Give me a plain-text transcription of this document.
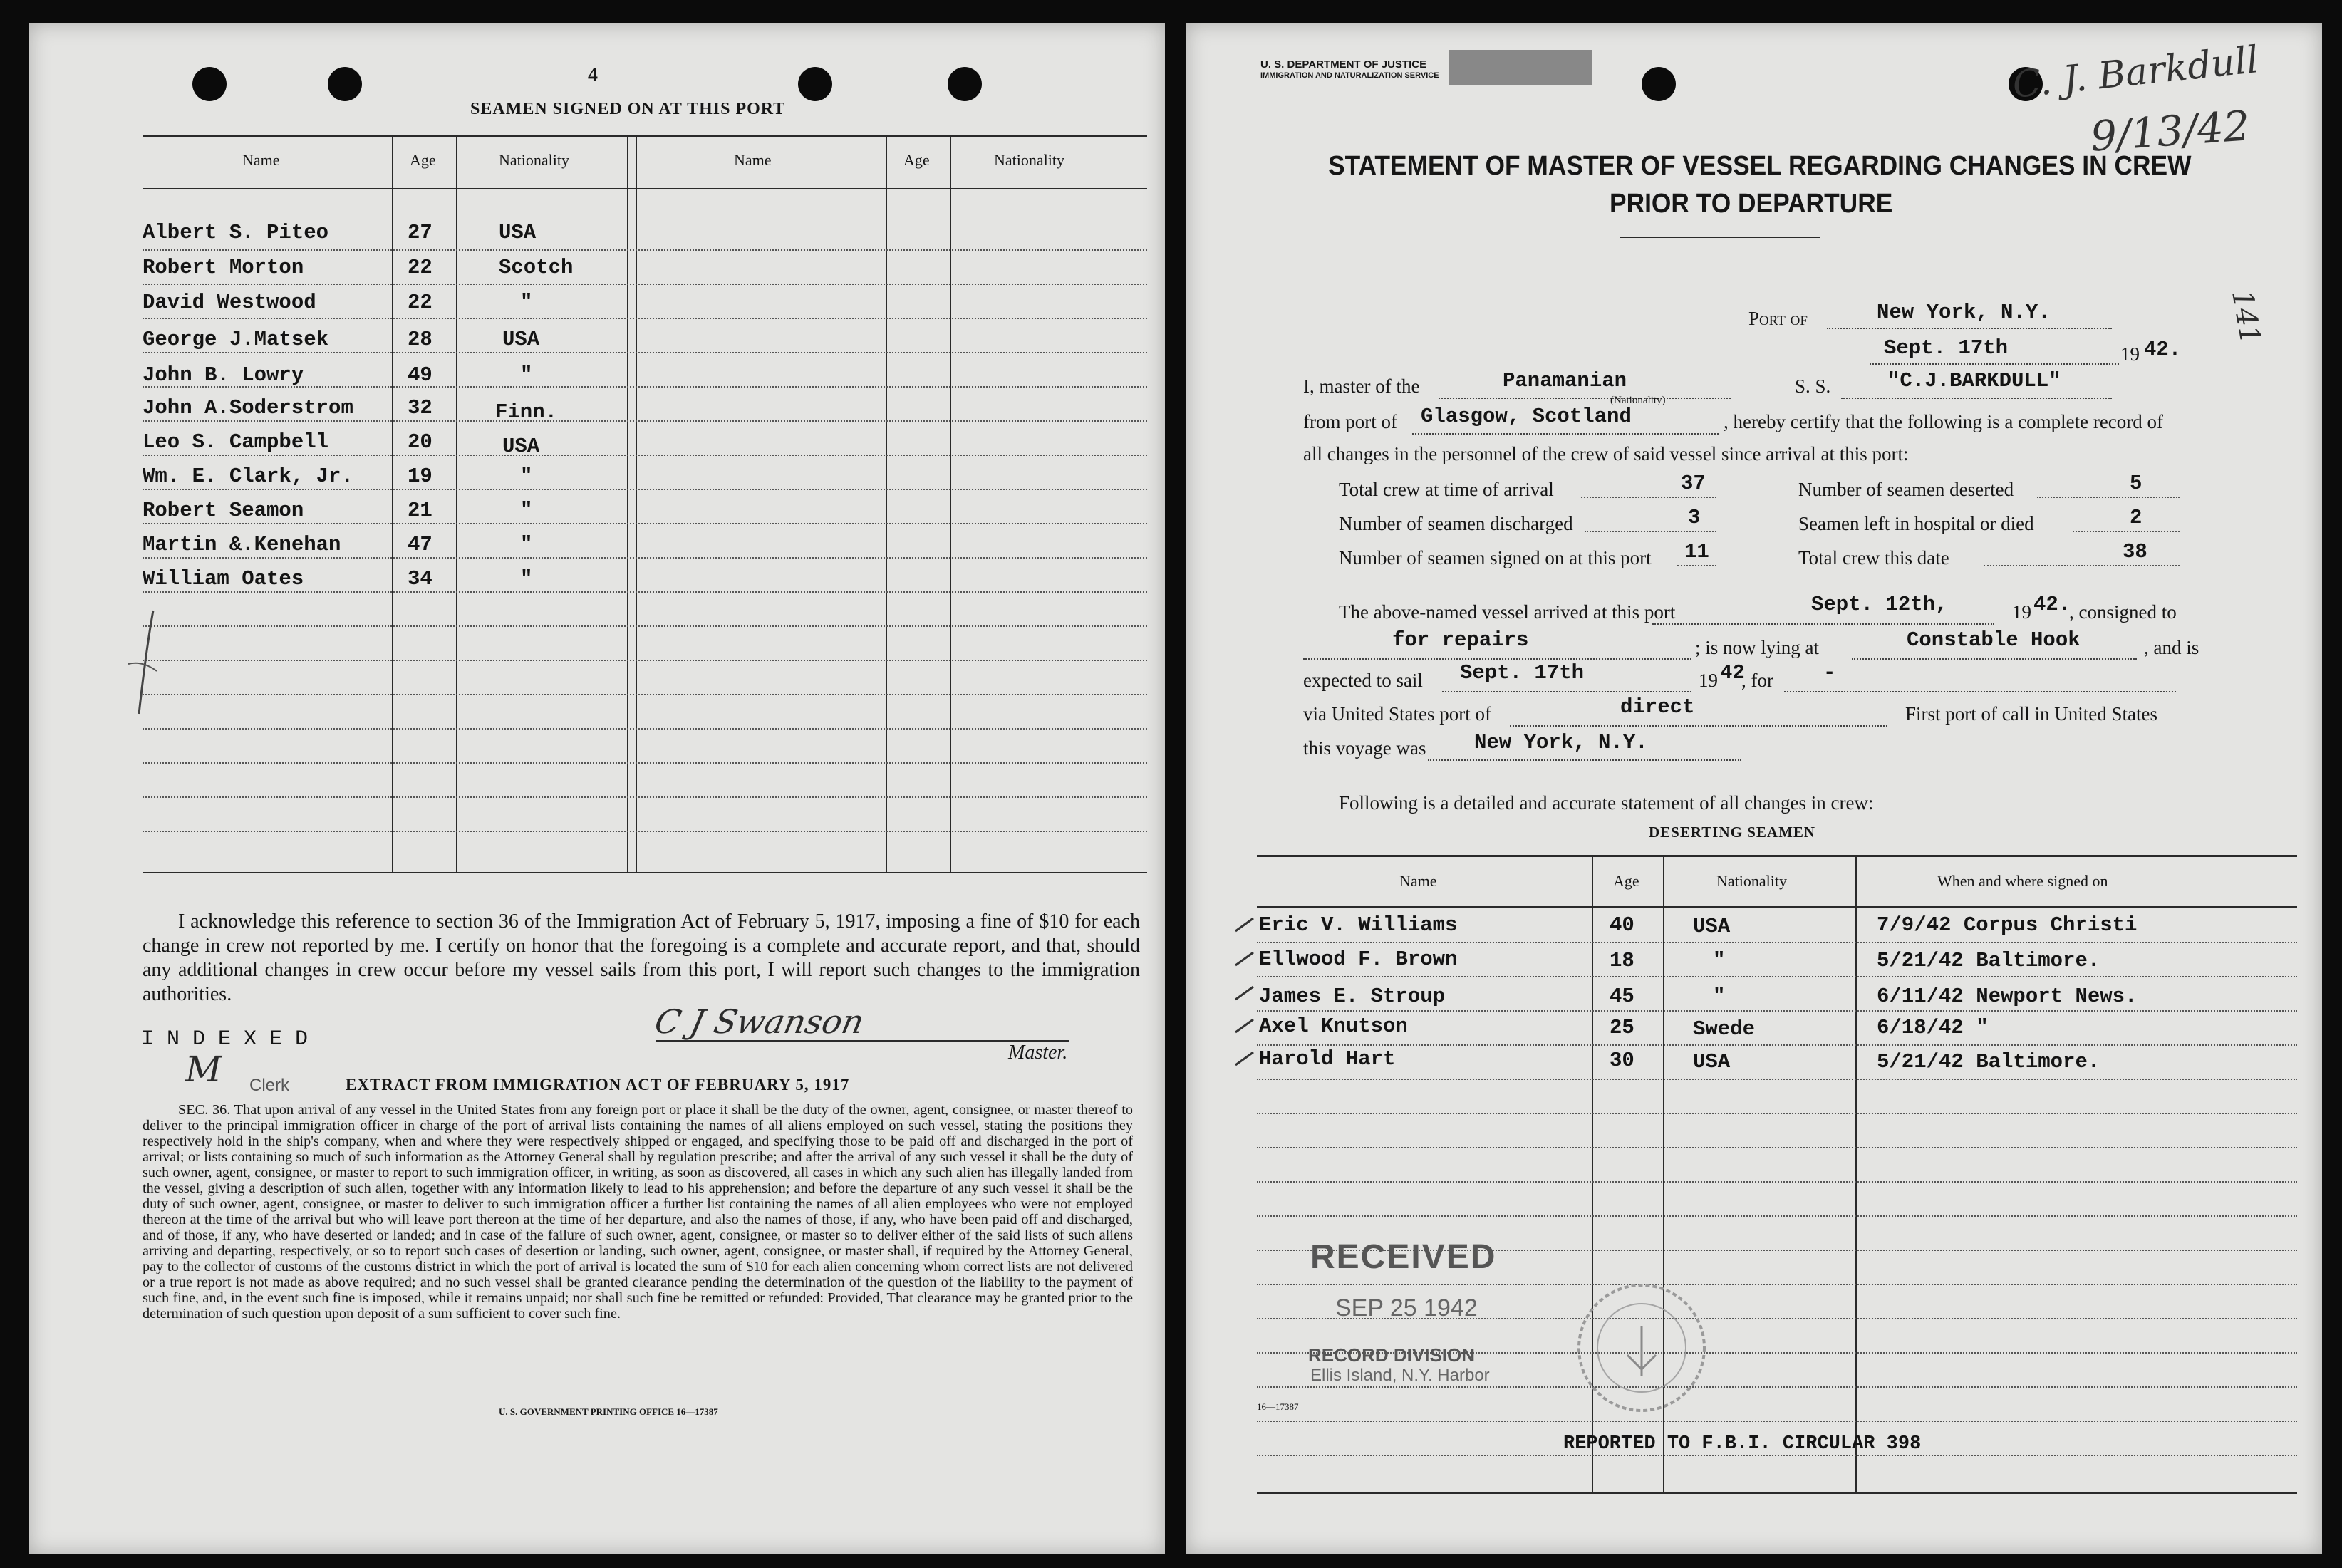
4
SEAMEN SIGNED ON AT THIS PORT
Name	Age	Nationality	Name	Age	Nationality
Albert S. Piteo	27	USA
Robert Morton	22	Scotch
David Westwood	22	"
George J.Matsek	28	USA
John B. Lowry	49	"
John A.Soderstrom	32	Finn.
Leo S. Campbell	20	USA
Wm. E. Clark, Jr.	19	"
Robert Seamon	21	"
Martin &.Kenehan	47	"
William Oates	34	"
I acknowledge this reference to section 36 of the Immigration Act of February 5, 1917, imposing a fine of $10 for each change in crew not reported by me. I certify on honor that the foregoing is a complete and accurate report, and that, should any additional changes in crew occur before my vessel sails from this port, I will report such changes to the immigration authorities.
C J Swanson
Master.
INDEXED
M Clerk	EXTRACT FROM IMMIGRATION ACT OF FEBRUARY 5, 1917
SEC. 36. That upon arrival of any vessel in the United States from any foreign port or place it shall be the duty of the owner, agent, consignee, or master thereof to deliver to the principal immigration officer in charge of the port of arrival lists containing the names of all aliens employed on such vessel, stating the positions they respectively hold in the ship's company, when and where they were respectively shipped or engaged, and specifying those to be paid off and discharged in the port of arrival; or lists containing so much of such information as the Attorney General shall by regulation prescribe; and after the arrival of any such vessel it shall be the duty of such owner, agent, consignee, or master to report to such immigration officer, in writing, as soon as discovered, all cases in which any such alien has illegally landed from the vessel, giving a description of such alien, together with any information likely to lead to his apprehension; and before the departure of any such vessel it shall be the duty of such owner, agent, consignee, or master to deliver to such immigration officer a further list containing the names of all alien employees who were not employed thereon at the time of the arrival but who will leave port thereon at the time of her departure, and also the names of those, if any, who have been paid off and discharged, and of those, if any, who have deserted or landed; and in case of the failure of such owner, agent, consignee, or master so to deliver either of the said lists of such aliens arriving and departing, respectively, or so to report such cases of desertion or landing, such owner, agent, consignee, or master shall, if required by the Attorney General, pay to the collector of customs of the customs district in which the port of arrival is located the sum of $10 for each alien concerning whom correct lists are not delivered or a true report is not made as above required; and no such vessel shall be granted clearance pending the determination of the question of the liability to the payment of such fine, and, in the event such fine is imposed, while it remains unpaid; nor shall such fine be remitted or refunded: Provided, That clearance may be granted prior to the determination of such question upon deposit of a sum sufficient to cover such fine.
U. S. GOVERNMENT PRINTING OFFICE 16—17387
U. S. DEPARTMENT OF JUSTICE
IMMIGRATION AND NATURALIZATION SERVICE	C. J. Barkdull
9/13/42
STATEMENT OF MASTER OF VESSEL REGARDING CHANGES IN CREW
PRIOR TO DEPARTURE
Port of	New York, N.Y.	141
Sept. 17th	19 42.
I, master of the	Panamanian	S. S.	"C.J.BARKDULL"
(Nationality)
from port of Glasgow, Scotland	, hereby certify that the following is a complete record of
all changes in the personnel of the crew of said vessel since arrival at this port:
Total crew at time of arrival	37
Number of seamen discharged	3
Number of seamen signed on at this port 11
Number of seamen deserted	5
Seamen left in hospital or died	2
Total crew this date	38
The above-named vessel arrived at this port	Sept. 12th,	19 42.
, consigned to
for repairs	; is now lying at	Constable Hook	, and is
expected to sail Sept. 17th	19 42
, for -
via United States port of	direct	First port of call in United States
this voyage was New York, N.Y.
Following is a detailed and accurate statement of all changes in crew:
DESERTING SEAMEN
Name	Age	Nationality	When and where signed on
Eric V. Williams	40	USA	7/9/42 Corpus Christi
Ellwood F. Brown	18	"	5/21/42 Baltimore.
James E. Stroup	45	"	6/11/42 Newport News.
Axel Knutson	25	Swede	6/18/42 "
Harold Hart	30	USA	5/21/42 Baltimore.
RECEIVED
SEP 25 1942
RECORD DIVISION
Ellis Island, N.Y. Harbor
16—17387
REPORTED TO F.B.I. CIRCULAR 398
